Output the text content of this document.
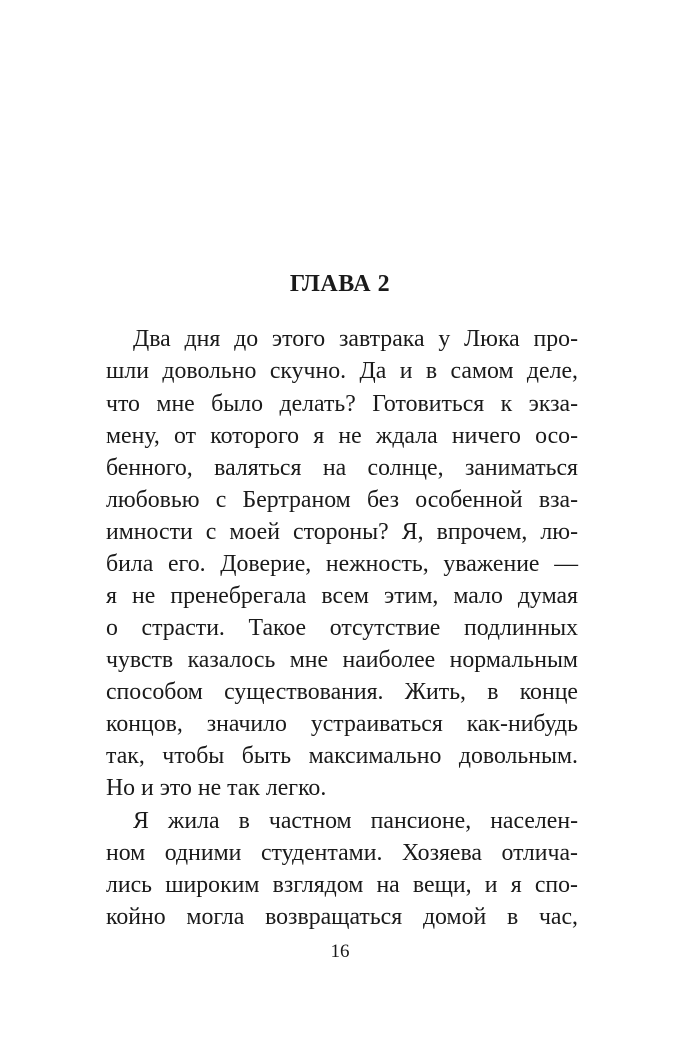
ГЛАВА 2
Два дня до этого завтрака у Люка про-
шли довольно скучно. Да и в самом деле,
что мне было делать? Готовиться к экза-
мену, от которого я не ждала ничего осо-
бенного, валяться на солнце, заниматься
любовью с Бертраном без особенной вза-
имности с моей стороны? Я, впрочем, лю-
била его. Доверие, нежность, уважение —
я не пренебрегала всем этим, мало думая
о страсти. Такое отсутствие подлинных
чувств казалось мне наиболее нормальным
способом существования. Жить, в конце
концов, значило устраиваться как-нибудь
так, чтобы быть максимально довольным.
Но и это не так легко.
Я жила в частном пансионе, населен-
ном одними студентами. Хозяева отлича-
лись широким взглядом на вещи, и я спо-
койно могла возвращаться домой в час,
16
